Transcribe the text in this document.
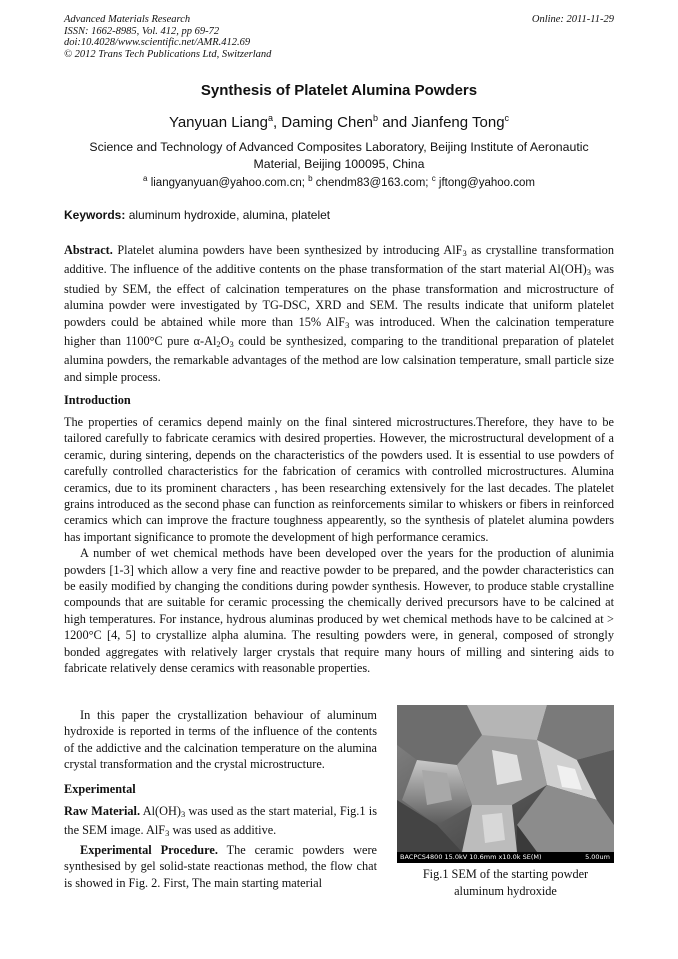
Advanced Materials Research
ISSN: 1662-8985, Vol. 412, pp 69-72
doi:10.4028/www.scientific.net/AMR.412.69
© 2012 Trans Tech Publications Ltd, Switzerland
Online: 2011-11-29
Synthesis of Platelet Alumina Powders
Yanyuan Liang$^a$, Daming Chen$^b$ and Jianfeng Tong$^c$
Science and Technology of Advanced Composites Laboratory, Beijing Institute of Aeronautic Material, Beijing 100095, China
$^a$ liangyanyuan@yahoo.com.cn; $^b$ chendm83@163.com; $^c$ jftong@yahoo.com
Keywords: aluminum hydroxide, alumina, platelet
Abstract. Platelet alumina powders have been synthesized by introducing AlF$_3$ as crystalline transformation additive. The influence of the additive contents on the phase transformation of the start material $Al(OH)_3$ was studied by SEM, the effect of calcination temperatures on the phase transformation and microstructure of alumina powder were investigated by TG-DSC, XRD and SEM. The results indicate that uniform platelet powders could be abtained while more than 15% AlF$_3$ was introduced. When the calcination temperature higher than 1100°C pure $\alpha-Al_2O_3$ could be synthesized, comparing to the tranditional preparation of platelet alumina powders, the remarkable advantages of the method are low calsination temperature, small particle size and simple process.
Introduction

The properties of ceramics depend mainly on the final sintered microstructures.Therefore, they have to be tailored carefully to fabricate ceramics with desired properties. However, the microstructural development of a ceramic, during sintering, depends on the characteristics of the powders used. It is essential to use powders of carefully controlled characteristics for the fabrication of ceramics with controlled microstructures. Alumina ceramics, due to its prominent characters , has been researching extensively for the last decades. The platelet grains introduced as the second phase can function as reinforcements similar to whiskers or fibers in reinforced ceramics which can improve the fracture toughness appearently, so the synthesis of platelet alumina powders has important significance to promote the development of high performance ceramics.

A number of wet chemical methods have been developed over the years for the production of alunimia powders [1-3] which allow a very fine and reactive powder to be prepared, and the powder characteristics can be easily modified by changing the conditions during powder synthesis. However, to produce stable crystalline compounds that are suitable for ceramic processing the chemically derived precursors have to be calcined at high temperatures. For instance, hydrous aluminas produced by wet chemical methods have to be calcined at > 1200°C [4, 5] to crystallize alpha alumina. The resulting powders were, in general, composed of strongly bonded aggregates with relatively larger crystals that require many hours of milling and sintering aids to fabricate relatively dense ceramics with reasonable properties.

In this paper the crystallization behaviour of aluminum hydroxide is reported in terms of the influence of the contents of the addictive and the calcination temperature on the alumina crystal transformation and the crystal microstructure.

Experimental

Raw Material. $Al(OH)_3$ was used as the start material, Fig.1 is the SEM image. AlF$_3$ was used as additive.

Experimental Procedure. The ceramic powders were synthesised by gel solid-state reactionas method, the flow chat is showed in Fig. 2. First, The main starting material

BACPCS4800 15.0kV 10.6mm x10.0k SE(M)	5.00um
Fig.1 SEM of the starting powder
aluminum hydroxide
